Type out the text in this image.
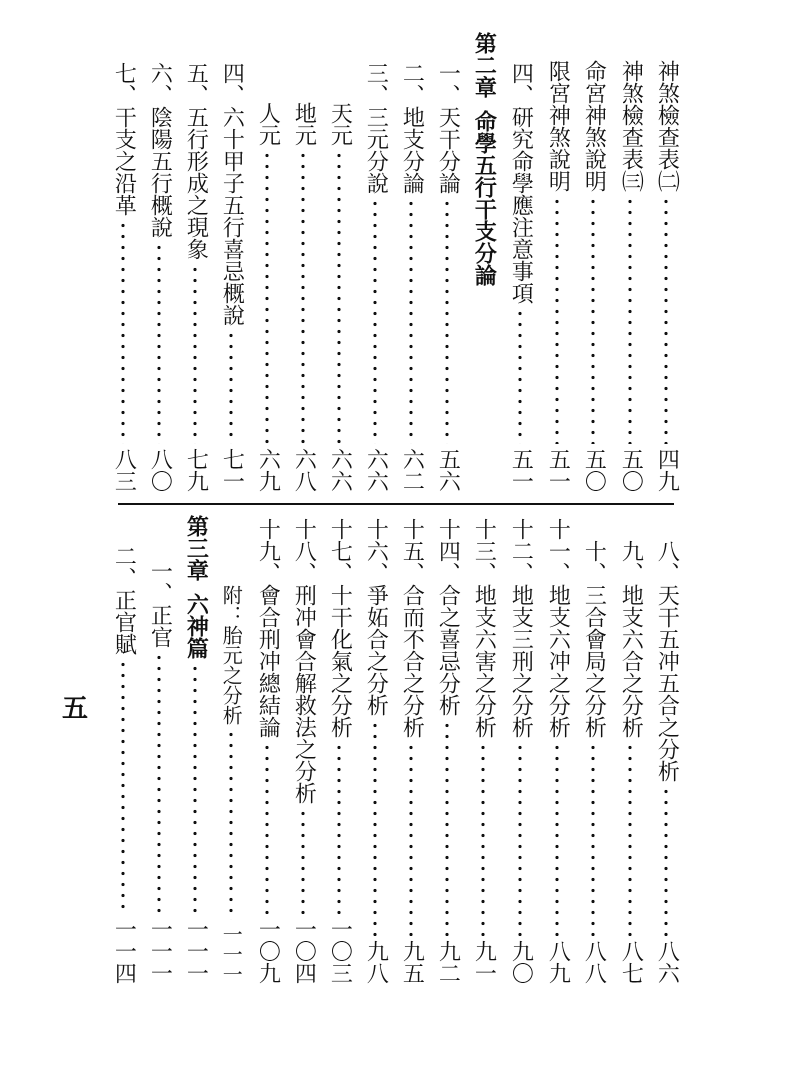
神煞檢查表㈡
四九
神煞檢查表㈢
五〇
命宮神煞說明
五〇
限宮神煞說明
五一
四、研究命學應注意事項
五一
第二章
命學五行干支分論
一、天干分論
五六
二、地支分論
六二
三、三元分說
六六
天元
六六
地元
六八
人元
六九
四、六十甲子五行喜忌概說
七一
五、五行形成之現象
七九
六、陰陽五行概說
八〇
七、干支之沿革
八三
八、天干五冲五合之分析
八六
九、地支六合之分析
八七
十、三合會局之分析
八八
十一、地支六冲之分析
八九
十二、地支三刑之分析
九〇
十三、地支六害之分析
九一
十四、合之喜忌分析
九二
十五、合而不合之分析
九五
十六、爭妬合之分析
九八
十七、十干化氣之分析
一〇三
十八、刑冲會合解救法之分析
一〇四
十九、會合刑冲總結論
一〇九
附：胎元之分析
一一一
第三章
六神篇
一一一
一、正官
一一一
二、正官賦
一一四
五
